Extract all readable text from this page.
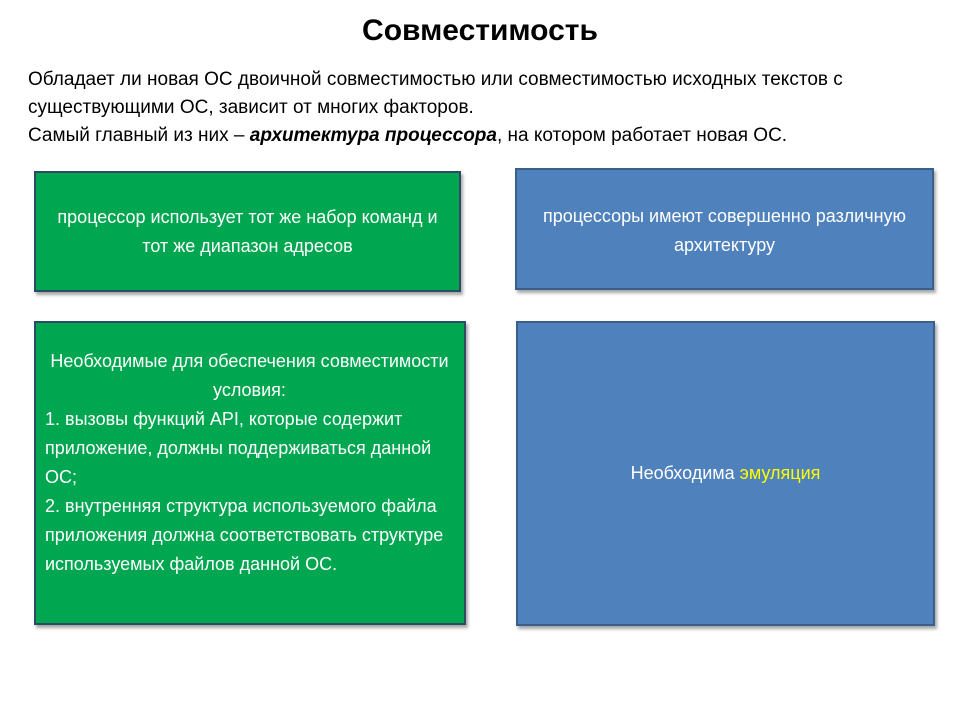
Совместимость

Обладает ли новая ОС двоичной совместимостью или совместимостью исходных текстов с существующими ОС, зависит от многих факторов.

Самый главный из них – архитектура процессора, на котором работает новая ОС.

процессор использует тот же набор команд и тот же диапазон адресов
процессоры имеют совершенно различную архитектуру
Необходимые для обеспечения совместимости условия:
1. вызовы функций API, которые содержит приложение, должны поддерживаться данной ОС;
2. внутренняя структура используемого файла приложения должна соответствовать структуре используемых файлов данной ОС.
Необходима эмуляция
